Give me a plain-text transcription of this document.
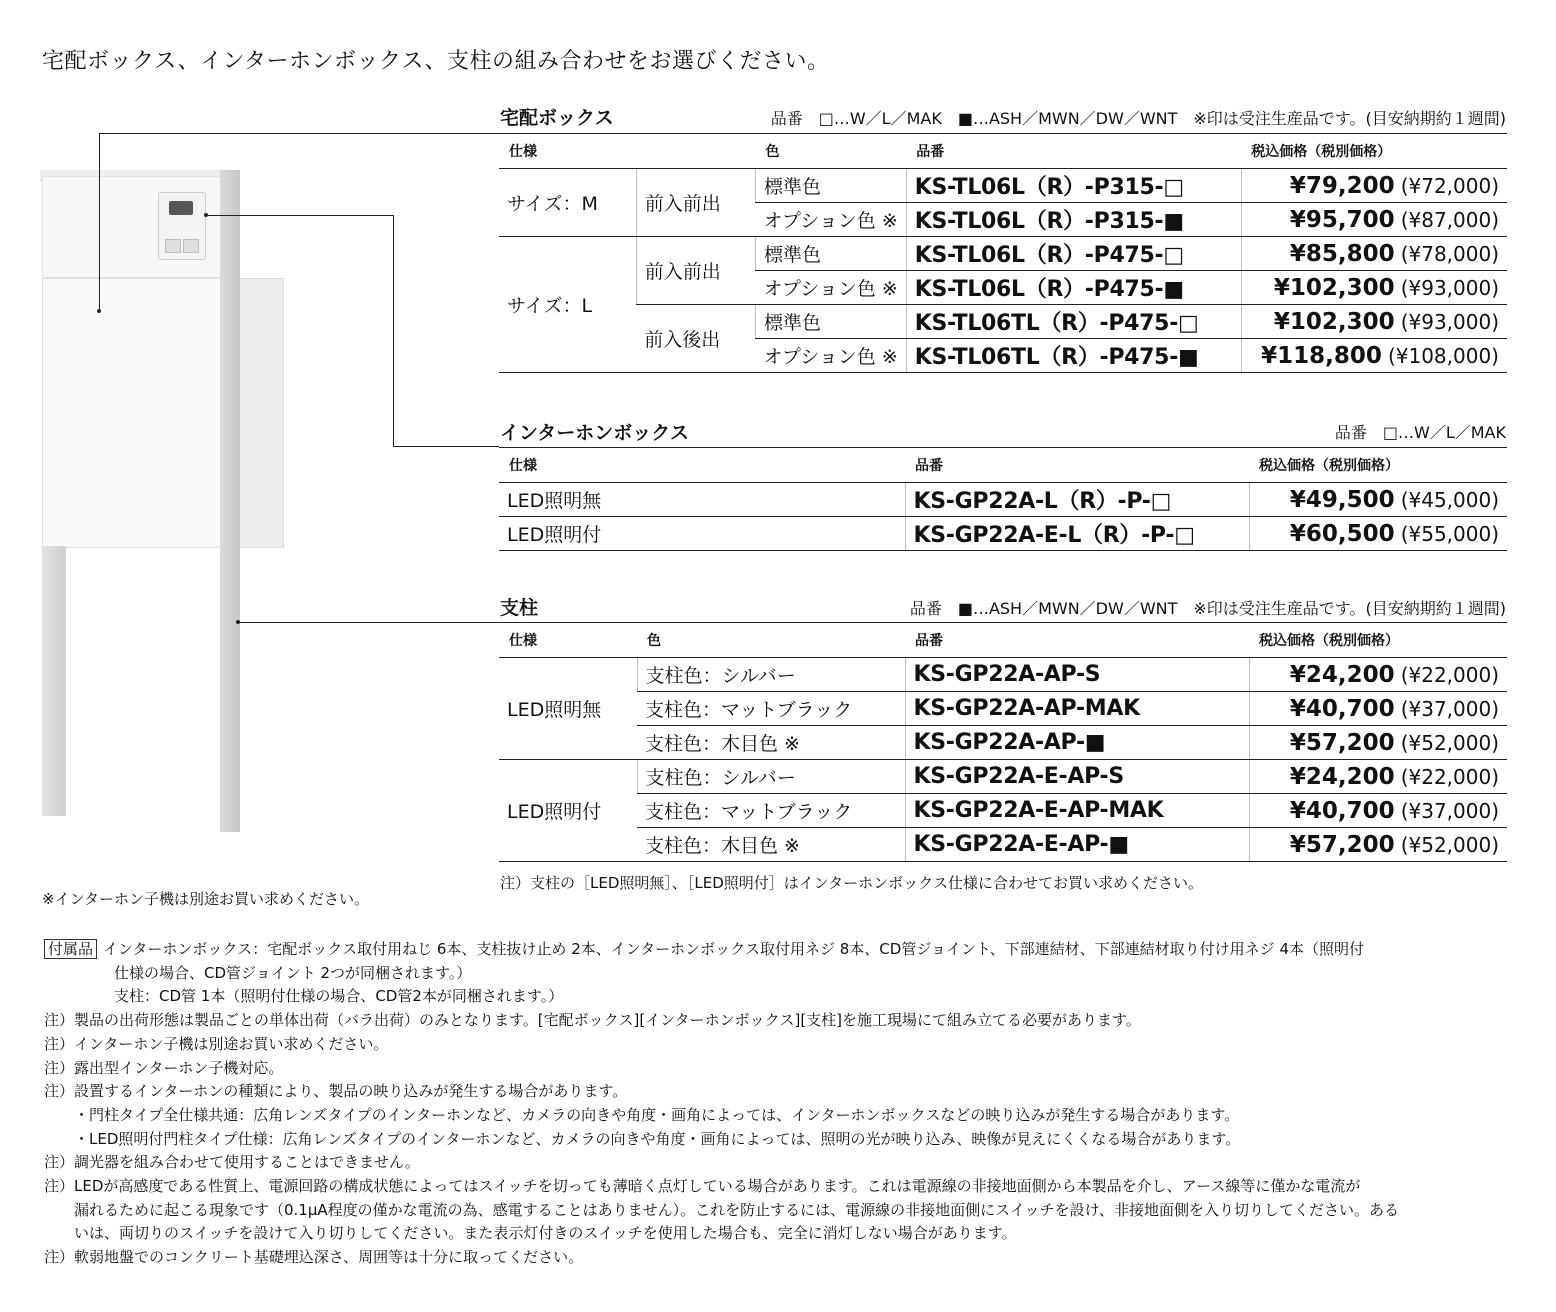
宅配ボックス、インターホンボックス、支柱の組み合わせをお選びください。
※インターホン子機は別途お買い求めください。
宅配ボックス	品番　□…W／L／MAK　■…ASH／MWN／DW／WNT　※印は受注生産品です。(目安納期約１週間)
仕様		色	品番	税込価格（税別価格）
サイズ：M	前入前出	標準色	KS-TL06L（R）-P315-□	¥79,200 (¥72,000)
		オプション色 ※	KS-TL06L（R）-P315-■	¥95,700 (¥87,000)
サイズ：L	前入前出	標準色	KS-TL06L（R）-P475-□	¥85,800 (¥78,000)
		オプション色 ※	KS-TL06L（R）-P475-■	¥102,300 (¥93,000)
	前入後出	標準色	KS-TL06TL（R）-P475-□	¥102,300 (¥93,000)
		オプション色 ※	KS-TL06TL（R）-P475-■	¥118,800 (¥108,000)
インターホンボックス	品番　□…W／L／MAK
仕様	品番	税込価格（税別価格）
LED照明無	KS-GP22A-L（R）-P-□	¥49,500 (¥45,000)
LED照明付	KS-GP22A-E-L（R）-P-□	¥60,500 (¥55,000)
支柱	品番　■…ASH／MWN／DW／WNT　※印は受注生産品です。(目安納期約１週間)
仕様	色	品番	税込価格（税別価格）
LED照明無	支柱色：シルバー	KS-GP22A-AP-S	¥24,200 (¥22,000)
	支柱色：マットブラック	KS-GP22A-AP-MAK	¥40,700 (¥37,000)
	支柱色：木目色 ※	KS-GP22A-AP-■	¥57,200 (¥52,000)
LED照明付	支柱色：シルバー	KS-GP22A-E-AP-S	¥24,200 (¥22,000)
	支柱色：マットブラック	KS-GP22A-E-AP-MAK	¥40,700 (¥37,000)
	支柱色：木目色 ※	KS-GP22A-E-AP-■	¥57,200 (¥52,000)
注）支柱の［LED照明無］、［LED照明付］はインターホンボックス仕様に合わせてお買い求めください。

付属品 インターホンボックス：宅配ボックス取付用ねじ 6本、支柱抜け止め 2本、インターホンボックス取付用ネジ 8本、CD管ジョイント、下部連結材、下部連結材取り付け用ネジ 4本（照明付

仕様の場合、CD管ジョイント 2つが同梱されます。）

支柱：CD管 1本（照明付仕様の場合、CD管2本が同梱されます。）

注）製品の出荷形態は製品ごとの単体出荷（バラ出荷）のみとなります。[宅配ボックス][インターホンボックス][支柱]を施工現場にて組み立てる必要があります。

注）インターホン子機は別途お買い求めください。

注）露出型インターホン子機対応。

注）設置するインターホンの種類により、製品の映り込みが発生する場合があります。

・門柱タイプ全仕様共通：広角レンズタイプのインターホンなど、カメラの向きや角度・画角によっては、インターホンボックスなどの映り込みが発生する場合があります。

・LED照明付門柱タイプ仕様：広角レンズタイプのインターホンなど、カメラの向きや角度・画角によっては、照明の光が映り込み、映像が見えにくくなる場合があります。

注）調光器を組み合わせて使用することはできません。

注）LEDが高感度である性質上、電源回路の構成状態によってはスイッチを切っても薄暗く点灯している場合があります。これは電源線の非接地面側から本製品を介し、アース線等に僅かな電流が

漏れるために起こる現象です（0.1μA程度の僅かな電流の為、感電することはありません）。これを防止するには、電源線の非接地面側にスイッチを設け、非接地面側を入り切りしてください。ある

いは、両切りのスイッチを設けて入り切りしてください。また表示灯付きのスイッチを使用した場合も、完全に消灯しない場合があります。

注）軟弱地盤でのコンクリート基礎埋込深さ、周囲等は十分に取ってください。
